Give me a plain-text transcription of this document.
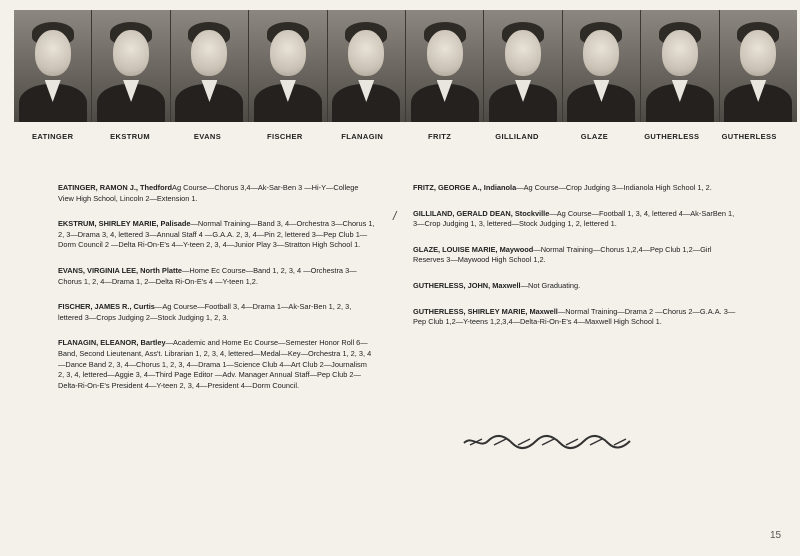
EATINGER	EKSTRUM	EVANS	FISCHER	FLANAGIN	FRITZ	GILLILAND	GLAZE	GUTHERLESS	GUTHERLESS
EATINGER, RAMON J., ThedfordAg Course—Chorus 3,4—Ak-Sar-Ben 3 —Hi-Y—College View High School, Lincoln 2—Extension 1.
EKSTRUM, SHIRLEY MARIE, Palisade—Normal Training—Band 3, 4—Orchestra 3—Chorus 1, 2, 3—Drama 3, 4, lettered 3—Annual Staff 4 —G.A.A. 2, 3, 4—Pin 2, lettered 3—Pep Club 1—Dorm Council 2 —Delta Ri-On-E's 4—Y-teen 2, 3, 4—Junior Play 3—Stratton High School 1.
EVANS, VIRGINIA LEE, North Platte—Home Ec Course—Band 1, 2, 3, 4 —Orchestra 3—Chorus 1, 2, 4—Drama 1, 2—Delta Ri-On-E's 4 —Y-teen 1,2.
FISCHER, JAMES R., Curtis—Ag Course—Football 3, 4—Drama 1—Ak-Sar-Ben 1, 2, 3, lettered 3—Crops Judging 2—Stock Judging 1, 2, 3.
FLANAGIN, ELEANOR, Bartley—Academic and Home Ec Course—Semester Honor Roll 6—Band, Second Lieutenant, Ass't. Librarian 1, 2, 3, 4, lettered—Medal—Key—Orchestra 1, 2, 3, 4—Dance Band 2, 3, 4—Chorus 1, 2, 3, 4—Drama 1—Science Club 4—Art Club 2—Journalism 2, 3, 4, lettered—Aggie 3, 4—Third Page Editor —Adv. Manager Annual Staff—Pep Club 2—Delta-Ri-On-E's President 4—Y-teen 2, 3, 4—President 4—Dorm Council.
/
FRITZ, GEORGE A., Indianola—Ag Course—Crop Judging 3—Indianola High School 1, 2.
GILLILAND, GERALD DEAN, Stockville—Ag Course—Football 1, 3, 4, lettered 4—Ak-SarBen 1, 3—Crop Judging 1, 3, lettered—Stock Judging 1, 2, lettered 1.
GLAZE, LOUISE MARIE, Maywood—Normal Training—Chorus 1,2,4—Pep Club 1,2—Girl Reserves 3—Maywood High School 1,2.
GUTHERLESS, JOHN, Maxwell—Not Graduating.
GUTHERLESS, SHIRLEY MARIE, Maxwell—Normal Training—Drama 2 —Chorus 2—G.A.A. 3—Pep Club 1,2—Y-teens 1,2,3,4—Delta-Ri-On-E's 4—Maxwell High School 1.
15
